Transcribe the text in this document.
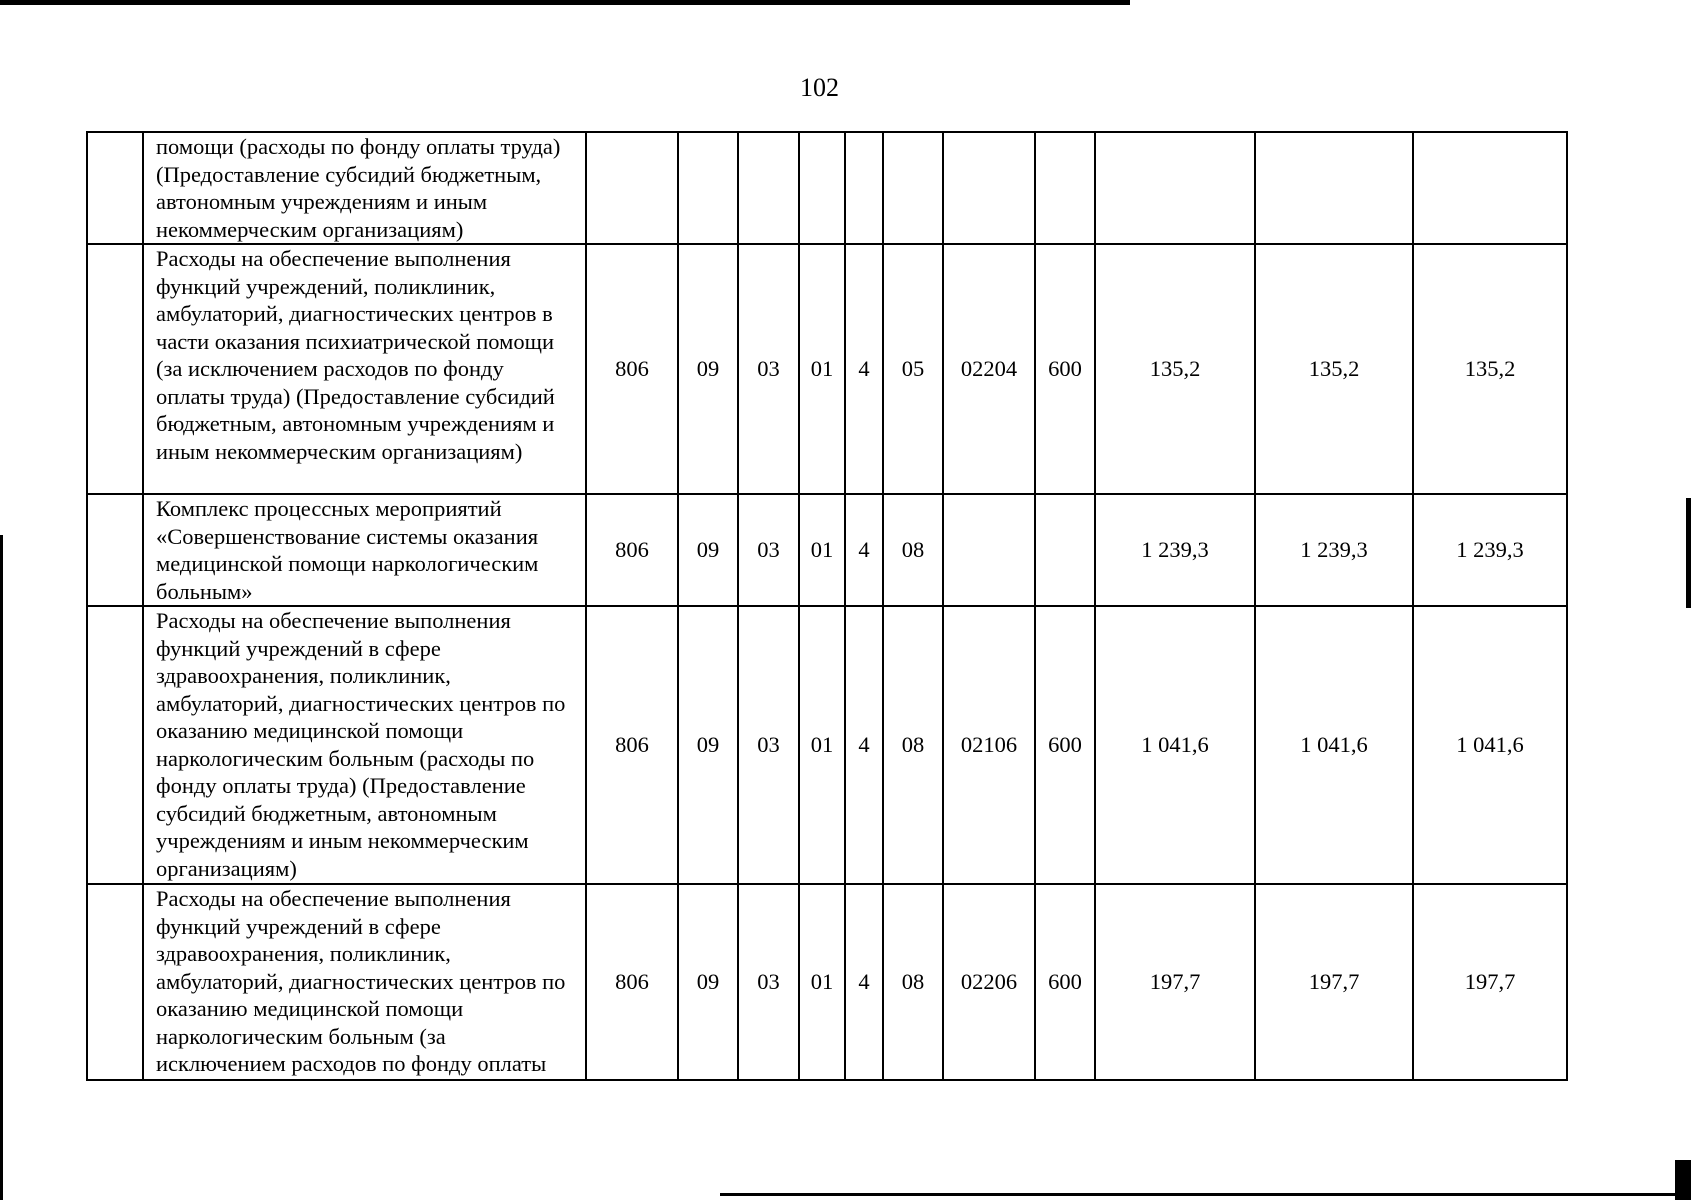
102
	помощи (расходы по фонду оплаты труда) (Предоставление субсидий бюджетным, автономным учреждениям и иным некоммерческим организациям)											
	Расходы на обеспечение выполнения функций учреждений, поликлиник, амбулаторий, диагностических центров в части оказания психиатрической помощи (за исключением расходов по фонду оплаты труда) (Предоставление субсидий бюджетным, автономным учреждениям и иным некоммерческим организациям)	806	09	03	01	4	05	02204	600	135,2	135,2	135,2
	Комплекс процессных мероприятий «Совершенствование системы оказания медицинской помощи наркологическим больным»	806	09	03	01	4	08			1 239,3	1 239,3	1 239,3
	Расходы на обеспечение выполнения функций учреждений в сфере здравоохранения, поликлиник, амбулаторий, диагностических центров по оказанию медицинской помощи наркологическим больным (расходы по фонду оплаты труда) (Предоставление субсидий бюджетным, автономным учреждениям и иным некоммерческим организациям)	806	09	03	01	4	08	02106	600	1 041,6	1 041,6	1 041,6
	Расходы на обеспечение выполнения функций учреждений в сфере здравоохранения, поликлиник, амбулаторий, диагностических центров по оказанию медицинской помощи наркологическим больным (за исключением расходов по фонду оплаты	806	09	03	01	4	08	02206	600	197,7	197,7	197,7
